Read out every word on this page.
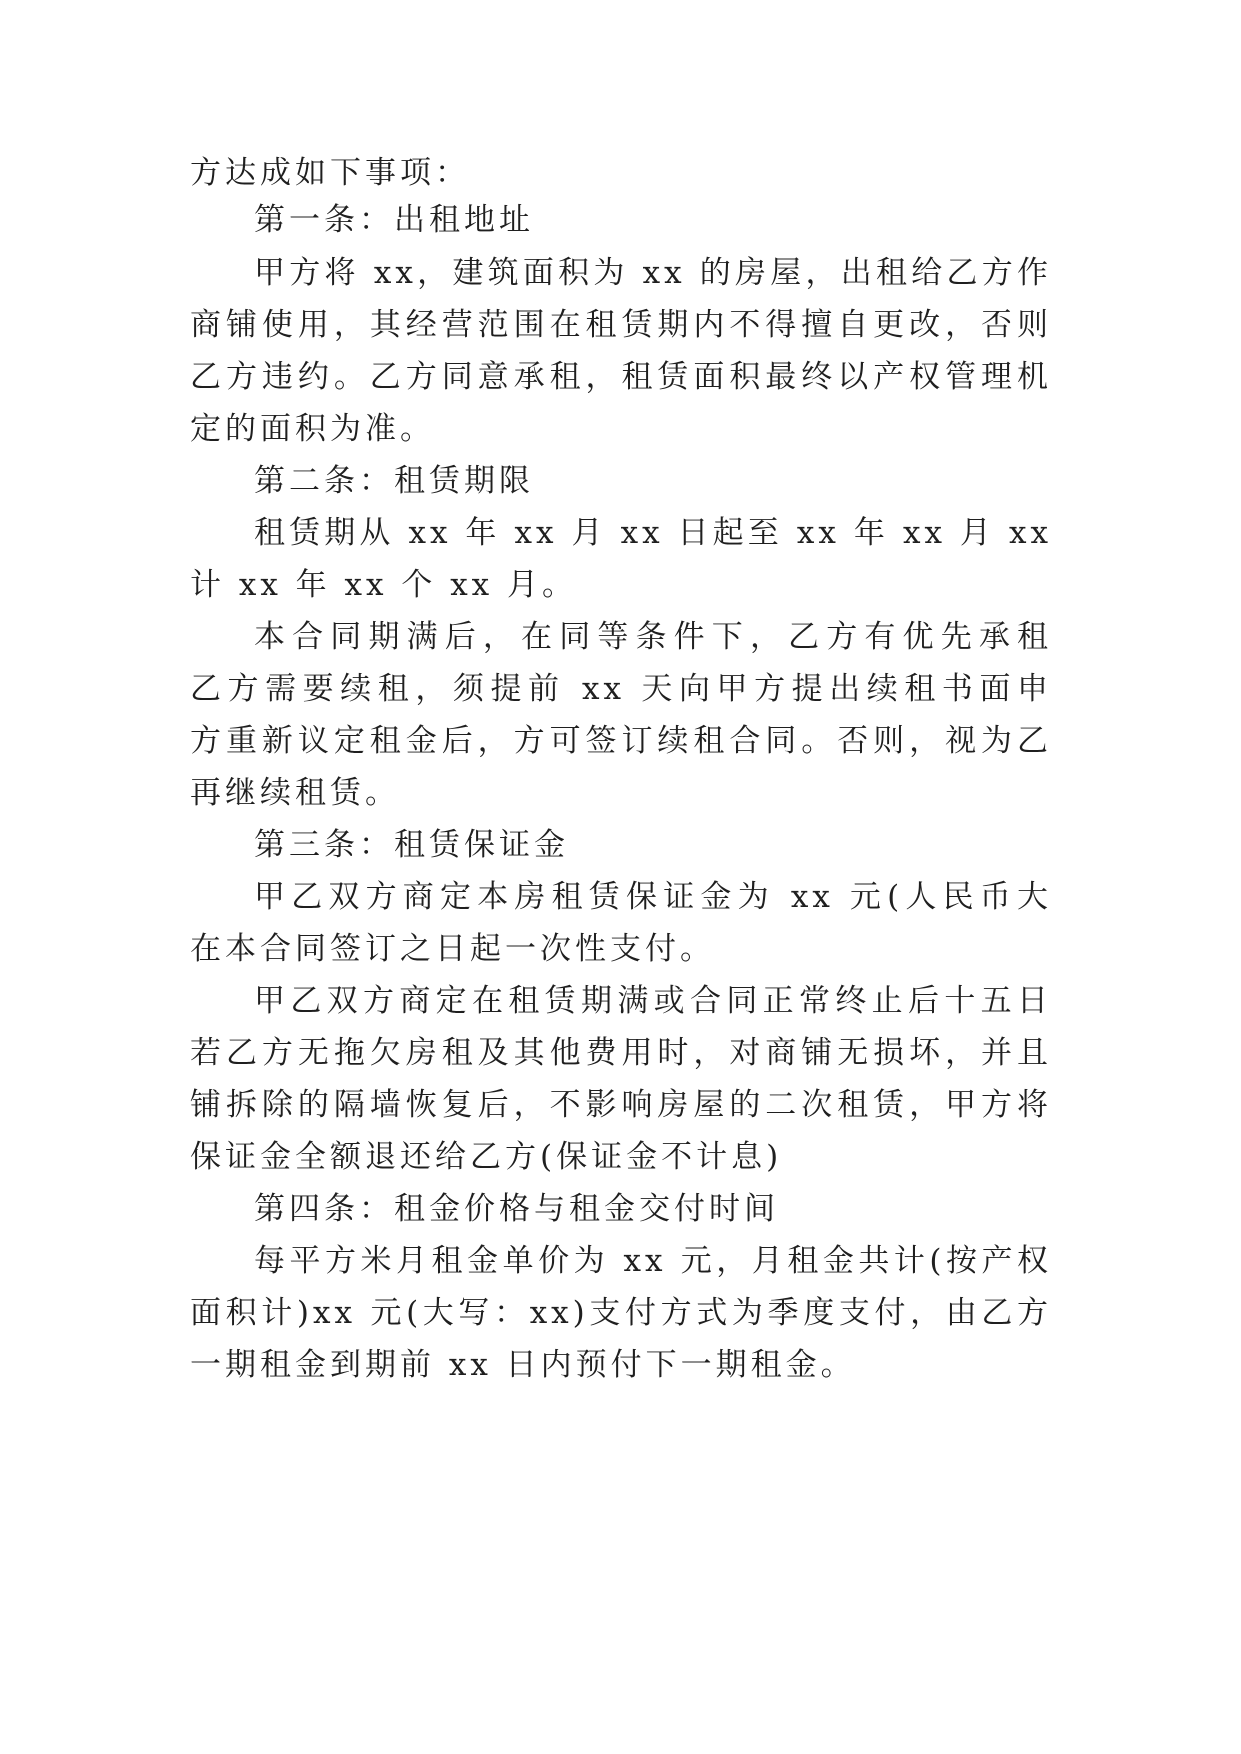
方达成如下事项：

第一条：出租地址

甲方将 xx，建筑面积为 xx 的房屋，出租给乙方作

商铺使用，其经营范围在租赁期内不得擅自更改，否则

乙方违约。乙方同意承租，租赁面积最终以产权管理机

定的面积为准。

第二条：租赁期限

租赁期从 xx 年 xx 月 xx 日起至 xx 年 xx 月 xx

计 xx 年 xx 个 xx 月。

本合同期满后，在同等条件下，乙方有优先承租

乙方需要续租，须提前 xx 天向甲方提出续租书面申

方重新议定租金后，方可签订续租合同。否则，视为乙

再继续租赁。

第三条：租赁保证金

甲乙双方商定本房租赁保证金为 xx 元(人民币大

在本合同签订之日起一次性支付。

甲乙双方商定在租赁期满或合同正常终止后十五日

若乙方无拖欠房租及其他费用时，对商铺无损坏，并且

铺拆除的隔墙恢复后，不影响房屋的二次租赁，甲方将

保证金全额退还给乙方(保证金不计息)

第四条：租金价格与租金交付时间

每平方米月租金单价为 xx 元，月租金共计(按产权

面积计)xx 元(大写：xx)支付方式为季度支付，由乙方

一期租金到期前 xx 日内预付下一期租金。
